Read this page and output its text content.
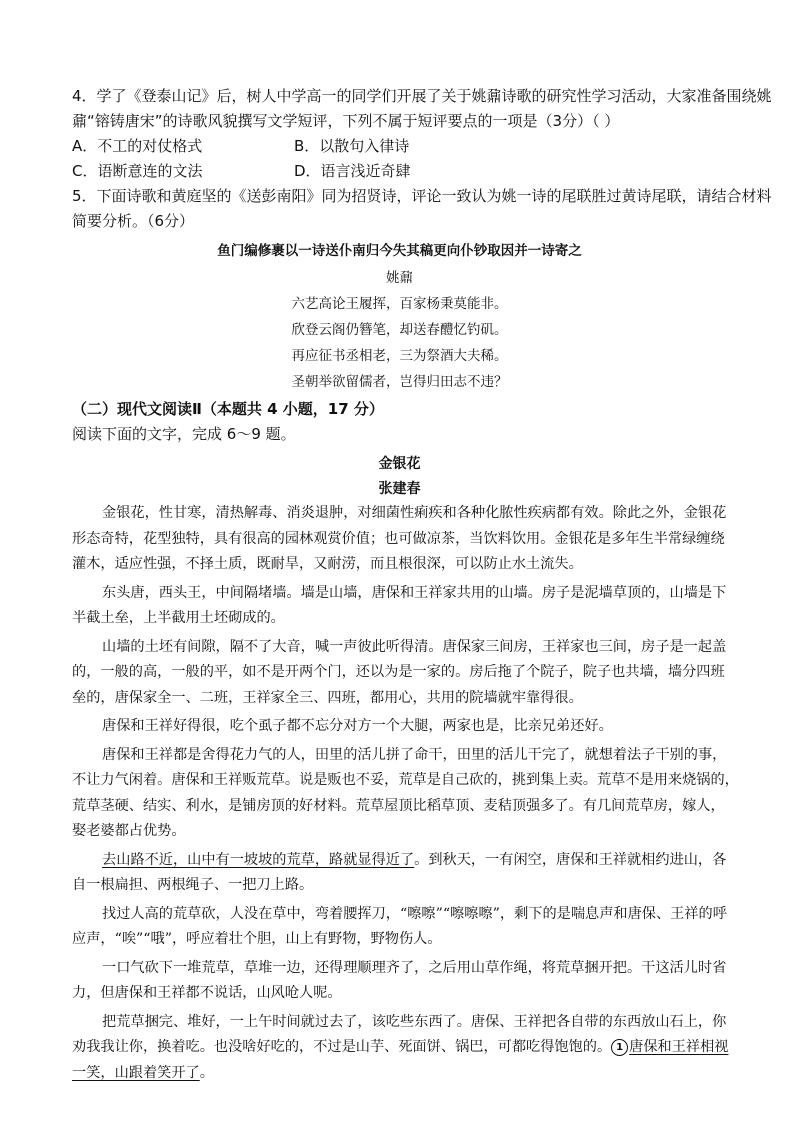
4．学了《登泰山记》后，树人中学高一的同学们开展了关于姚鼐诗歌的研究性学习活动，大家准备围绕姚
鼐“镕铸唐宋”的诗歌风貌撰写文学短评，下列不属于短评要点的一项是（3分）（ ）
A．不工的对仗格式	B．以散句入律诗
C．语断意连的文法	D．语言浅近奇肆
5．下面诗歌和黄庭坚的《送彭南阳》同为招贤诗，评论一致认为姚一诗的尾联胜过黄诗尾联，请结合材料
简要分析。（6分）
鱼门编修裹以一诗送仆南归今失其稿更向仆钞取因并一诗寄之
姚鼐
六艺高论王履挥，百家杨秉莫能非。
欣登云阁仍簪笔，却送春醴忆钓矶。
再应征书丞相老，三为祭酒大夫稀。
圣朝举欲留儒者，岂得归田志不违？
（二）现代文阅读Ⅱ（本题共 4 小题，17 分）
阅读下面的文字，完成 6～9 题。
金银花
张建春
金银花，性甘寒，清热解毒、消炎退肿，对细菌性痢疾和各种化脓性疾病都有效。除此之外，金银花
形态奇特，花型独特，具有很高的园林观赏价值；也可做凉茶，当饮料饮用。金银花是多年生半常绿缠绕
灌木，适应性强，不择土质，既耐旱，又耐涝，而且根很深，可以防止水土流失。
东头唐，西头王，中间隔堵墙。墙是山墙，唐保和王祥家共用的山墙。房子是泥墙草顶的，山墙是下
半截土垒，上半截用土坯砌成的。
山墙的土坯有间隙，隔不了大音，喊一声彼此听得清。唐保家三间房，王祥家也三间，房子是一起盖
的，一般的高，一般的平，如不是开两个门，还以为是一家的。房后拖了个院子，院子也共墙，墙分四班
垒的，唐保家全一、二班，王祥家全三、四班，都用心，共用的院墙就牢靠得很。
唐保和王祥好得很，吃个虱子都不忘分对方一个大腿，两家也是，比亲兄弟还好。
唐保和王祥都是舍得花力气的人，田里的活儿拼了命干，田里的活儿干完了，就想着法子干别的事，
不让力气闲着。唐保和王祥贩荒草。说是贩也不妥，荒草是自己砍的，挑到集上卖。荒草不是用来烧锅的，
荒草茎硬、结实、利水，是铺房顶的好材料。荒草屋顶比稻草顶、麦秸顶强多了。有几间荒草房，嫁人，
娶老婆都占优势。
去山路不近，山中有一坡坡的荒草，路就显得近了。到秋天，一有闲空，唐保和王祥就相约进山，各
自一根扁担、两根绳子、一把刀上路。
找过人高的荒草砍，人没在草中，弯着腰挥刀，“嚓嚓”“嚓嚓嚓”，剩下的是喘息声和唐保、王祥的呼
应声，“唉”“哦”，呼应着壮个胆，山上有野物，野物伤人。
一口气砍下一堆荒草，草堆一边，还得理顺理齐了，之后用山草作绳，将荒草捆开把。干这活儿时省
力，但唐保和王祥都不说话，山风呛人呢。
把荒草捆完、堆好，一上午时间就过去了，该吃些东西了。唐保、王祥把各自带的东西放山石上，你
劝我我让你，换着吃。也没啥好吃的，不过是山芋、死面饼、锅巴，可都吃得饱饱的。 1 唐保和王祥相视
一笑，山跟着笑开了。
